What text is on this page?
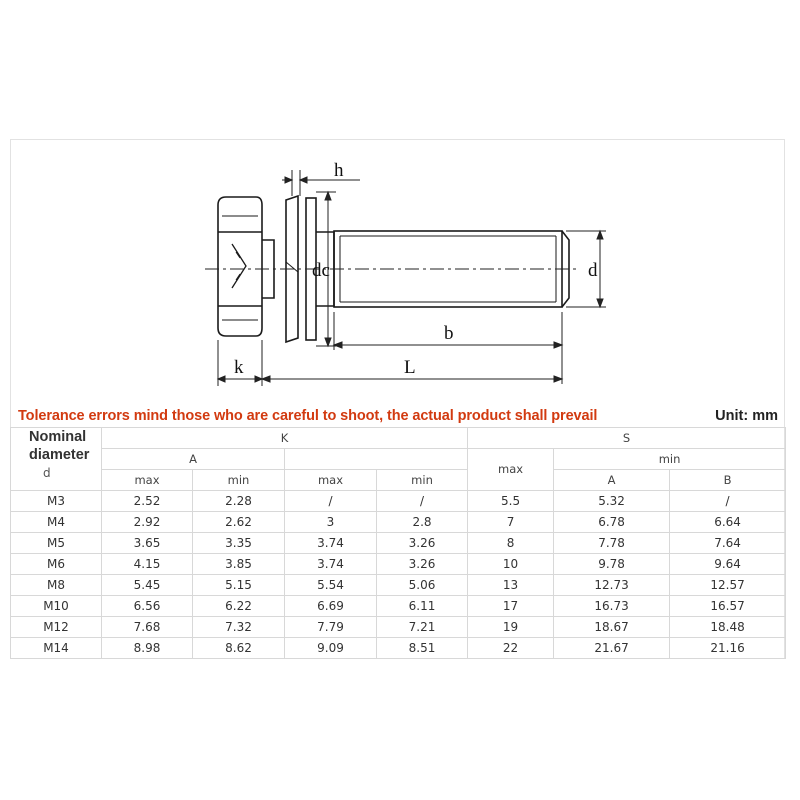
h
dc	d
b
L
k
Tolerance errors mind those who are careful to shoot, the actual product shall prevail	Unit: mm
Nominal diameter
d	K				S		
	A				max	min	
	max	min	max	min		A	B
M3	2.52	2.28	/	/	5.5	5.32	/
M4	2.92	2.62	3	2.8	7	6.78	6.64
M5	3.65	3.35	3.74	3.26	8	7.78	7.64
M6	4.15	3.85	3.74	3.26	10	9.78	9.64
M8	5.45	5.15	5.54	5.06	13	12.73	12.57
M10	6.56	6.22	6.69	6.11	17	16.73	16.57
M12	7.68	7.32	7.79	7.21	19	18.67	18.48
M14	8.98	8.62	9.09	8.51	22	21.67	21.16
